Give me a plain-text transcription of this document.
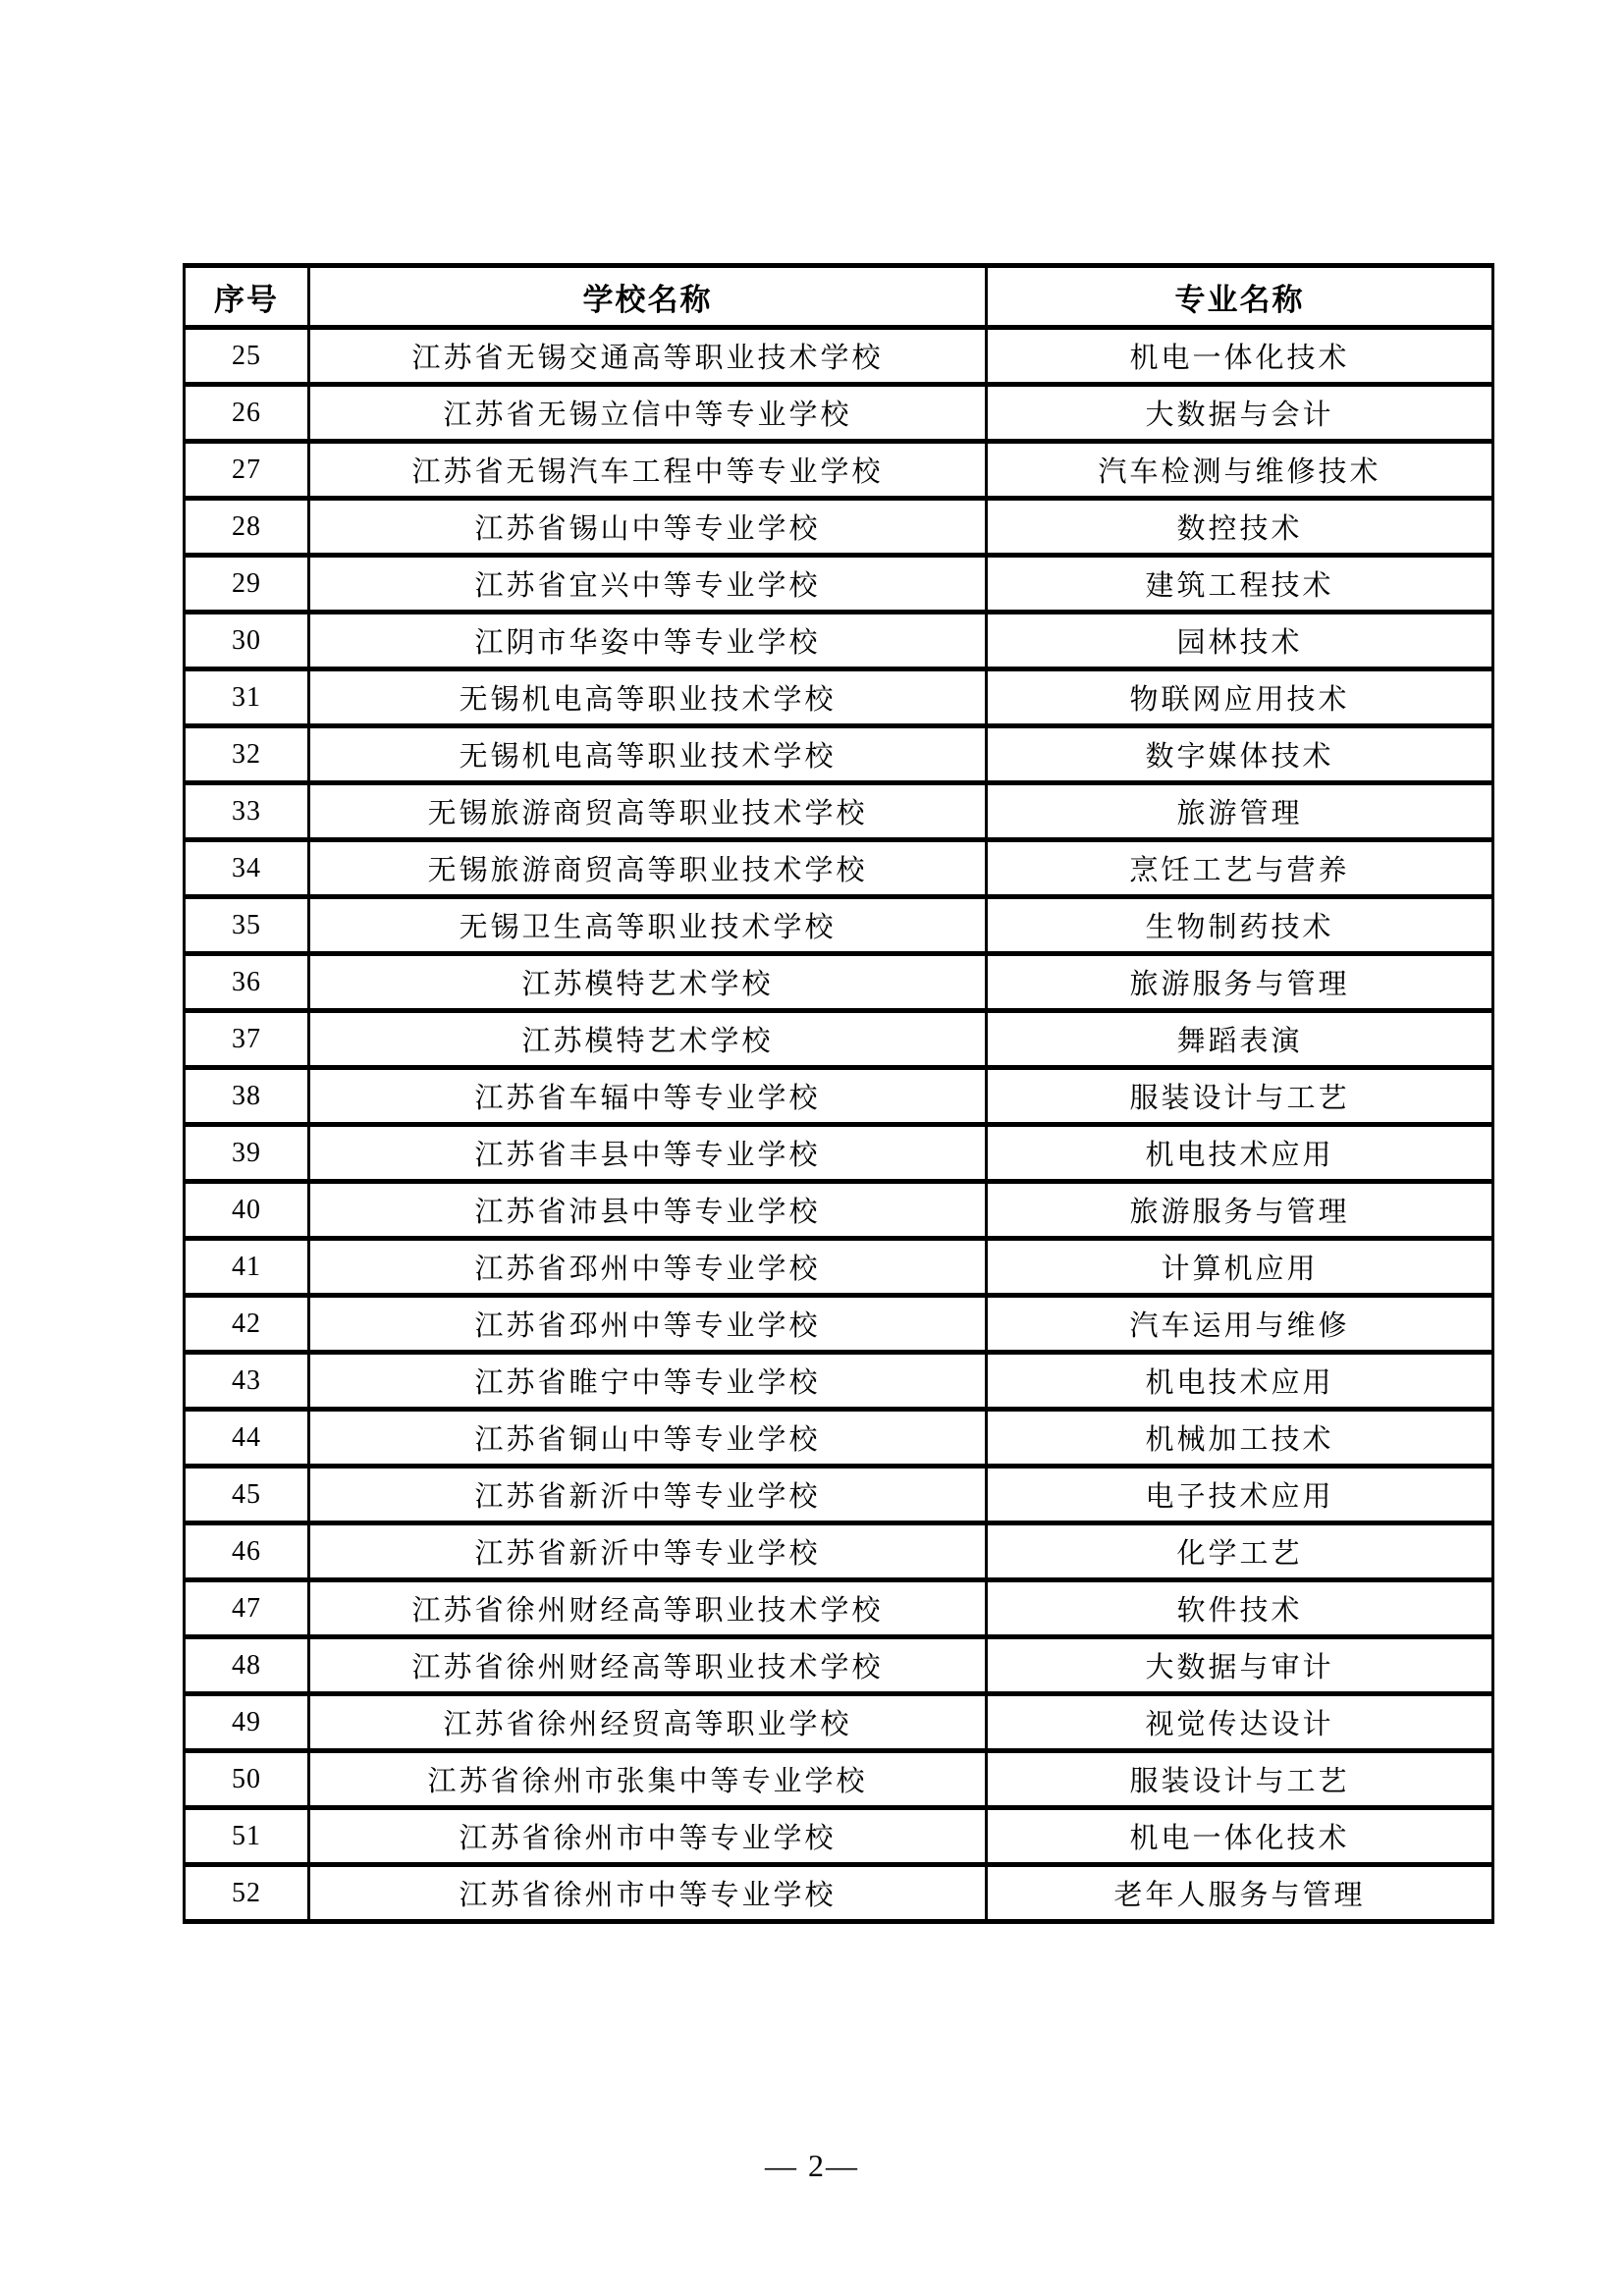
序号	学校名称	专业名称
25	江苏省无锡交通高等职业技术学校	机电一体化技术
26	江苏省无锡立信中等专业学校	大数据与会计
27	江苏省无锡汽车工程中等专业学校	汽车检测与维修技术
28	江苏省锡山中等专业学校	数控技术
29	江苏省宜兴中等专业学校	建筑工程技术
30	江阴市华姿中等专业学校	园林技术
31	无锡机电高等职业技术学校	物联网应用技术
32	无锡机电高等职业技术学校	数字媒体技术
33	无锡旅游商贸高等职业技术学校	旅游管理
34	无锡旅游商贸高等职业技术学校	烹饪工艺与营养
35	无锡卫生高等职业技术学校	生物制药技术
36	江苏模特艺术学校	旅游服务与管理
37	江苏模特艺术学校	舞蹈表演
38	江苏省车辐中等专业学校	服装设计与工艺
39	江苏省丰县中等专业学校	机电技术应用
40	江苏省沛县中等专业学校	旅游服务与管理
41	江苏省邳州中等专业学校	计算机应用
42	江苏省邳州中等专业学校	汽车运用与维修
43	江苏省睢宁中等专业学校	机电技术应用
44	江苏省铜山中等专业学校	机械加工技术
45	江苏省新沂中等专业学校	电子技术应用
46	江苏省新沂中等专业学校	化学工艺
47	江苏省徐州财经高等职业技术学校	软件技术
48	江苏省徐州财经高等职业技术学校	大数据与审计
49	江苏省徐州经贸高等职业学校	视觉传达设计
50	江苏省徐州市张集中等专业学校	服装设计与工艺
51	江苏省徐州市中等专业学校	机电一体化技术
52	江苏省徐州市中等专业学校	老年人服务与管理
— 2—
